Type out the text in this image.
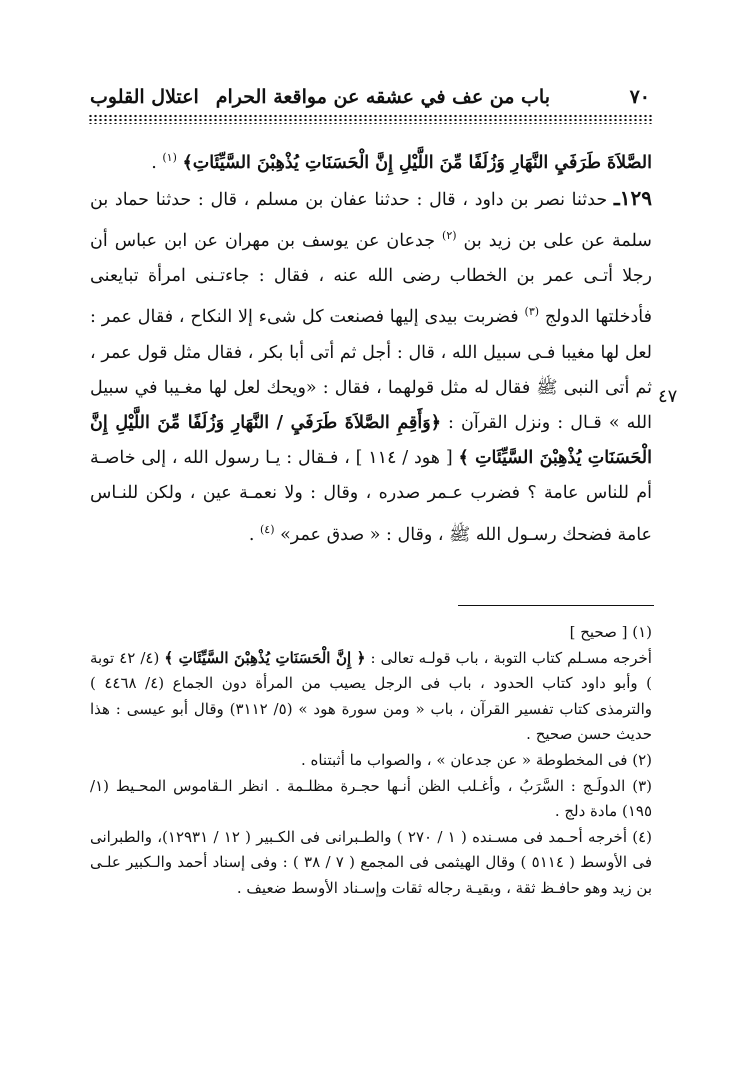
٧٠
باب من عف في عشقه عن مواقعة الحرام
اعتلال القلوب

الصَّلاَةَ طَرَفَيِ النَّهَارِ وَزُلَفًا مِّنَ اللَّيْلِ إِنَّ الْحَسَنَاتِ يُذْهِبْنَ السَّيِّئَاتِ﴾ $^{(١)}$ .

١٢٩ـ حدثنا نصر بن داود ، قال : حدثنا عفان بن مسلم ، قال : حدثنا حماد بن سلمة عن على بن زيد بن $^{(٢)}$ جدعان عن يوسف بن مهران عن ابن عباس أن رجلا أتـى عمر بن الخطاب رضى الله عنه ، فقال : جاءتـنى امرأة تبايعنى فأدخلتها الدولج $^{(٣)}$ فضربت بيدى إليها فصنعت كل شىء إلا النكاح ، فقال عمر : لعل لها مغيبا فـى سبيل الله ، قال : أجل ثم أتى أبا بكر ، فقال مثل قول عمر ، ثم أتى النبى ﷺ فقال له مثل قولهما ، فقال : «ويحك لعل لها مغـيبا في سبيل الله » قـال : ونزل القرآن : ﴿وَأَقِمِ الصَّلاَةَ طَرَفَيِ / النَّهَارِ وَزُلَفًا مِّنَ اللَّيْلِ إِنَّ الْحَسَنَاتِ يُذْهِبْنَ السَّيِّئَاتِ ﴾ [ هود / ١١٤ ] ، فـقال : يـا رسول الله ، إلى خاصـة أم للناس عامة ؟ فضرب عـمر صدره ، وقال : ولا نعمـة عين ، ولكن للنـاس عامة فضحك رسـول الله ﷺ ، وقال : « صدق عمر» $^{(٤)}$ .

٤٧

(١) [ صحيح ]

أخرجه مسـلم كتاب التوبة ، باب قولـه تعالى : ﴿ إِنَّ الْحَسَنَاتِ يُذْهِبْنَ السَّيِّئَاتِ ﴾ (٤/ ٤٢ توبة ) وأبو داود كتاب الحدود ، باب فى الرجل يصيب من المرأة دون الجماع (٤/ ٤٤٦٨ ) والترمذى كتاب تفسير القرآن ، باب « ومن سورة هود » (٥/ ٣١١٢) وقال أبو عيسى : هذا حديث حسن صحيح .

(٢) فى المخطوطة « عن جدعان » ، والصواب ما أثبتناه .

(٣) الدولَـج : السَّرَبُ ، وأغـلب الظن أنـها حجـرة مظلـمة . انظر الـقاموس المحـيط (١/ ١٩٥) مادة دلج .

(٤) أخرجه أحـمد فى مسـنده ( ١ / ٢٧٠ ) والطـبرانى فى الكـبير ( ١٢ / ١٢٩٣١)، والطبرانى فى الأوسط ( ٥١١٤ ) وقال الهيثمى فى المجمع ( ٧ / ٣٨ ) : وفى إسناد أحمد والـكبير علـى بن زيد وهو حافـظ ثقة ، وبقيـة رجاله ثقات وإسـناد الأوسط ضعيف .
